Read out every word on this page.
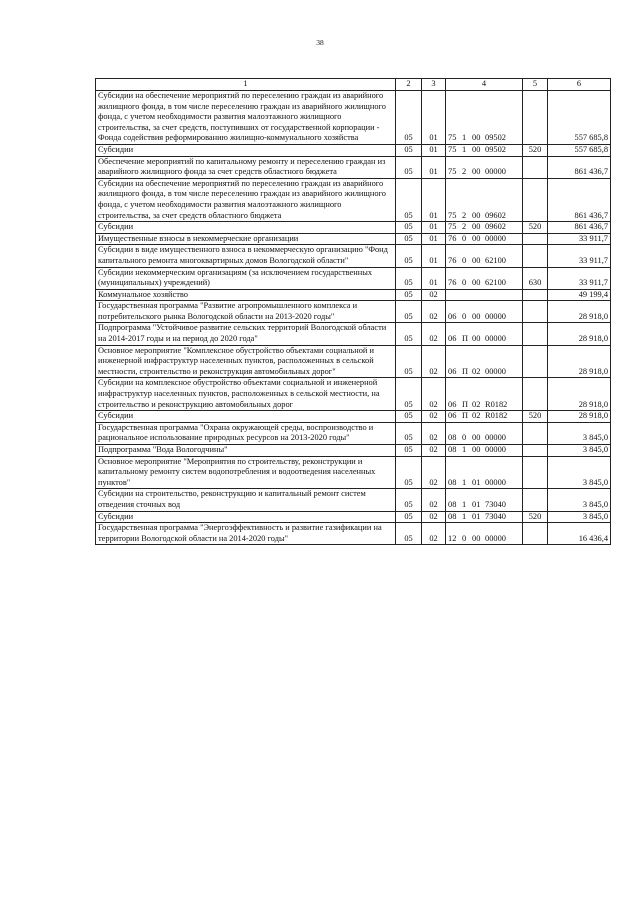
38
1	2	3	4	5	6
Субсидии на обеспечение мероприятий по переселению граждан из аварийного жилищного фонда, в том числе переселению граждан из аварийного жилищного фонда, с учетом необходимости развития малоэтажного жилищного строительства, за счет средств, поступивших от государственной корпорации - Фонда содействия реформированию жилищно-коммунального хозяйства	05	01	75 1 00 09502		557 685,8
Субсидии	05	01	75 1 00 09502	520	557 685,8
Обеспечение мероприятий по капитальному ремонту и переселению граждан из аварийного жилищного фонда за счет средств областного бюджета	05	01	75 2 00 00000		861 436,7
Субсидии на обеспечение мероприятий по переселению граждан из аварийного жилищного фонда, в том числе переселению граждан из аварийного жилищного фонда, с учетом необходимости развития малоэтажного жилищного строительства, за счет средств областного бюджета	05	01	75 2 00 09602		861 436,7
Субсидии	05	01	75 2 00 09602	520	861 436,7
Имущественные взносы в некоммерческие организации	05	01	76 0 00 00000		33 911,7
Субсидии в виде имущественного взноса в некоммерческую организацию "Фонд капитального ремонта многоквартирных домов Вологодской области"	05	01	76 0 00 62100		33 911,7
Субсидии некоммерческим организациям (за исключением государственных (муниципальных) учреждений)	05	01	76 0 00 62100	630	33 911,7
Коммунальное хозяйство	05	02			49 199,4
Государственная программа "Развитие агропромышленного комплекса и потребительского рынка Вологодской области на 2013-2020 годы"	05	02	06 0 00 00000		28 918,0
Подпрограмма "Устойчивое развитие сельских территорий Вологодской области на 2014-2017 годы и на период до 2020 года"	05	02	06 П 00 00000		28 918,0
Основное мероприятие "Комплексное обустройство объектами социальной и инженерной инфраструктур населенных пунктов, расположенных в сельской местности, строительство и реконструкция автомобильных дорог"	05	02	06 П 02 00000		28 918,0
Субсидии на комплексное обустройство объектами социальной и инженерной инфраструктур населенных пунктов, расположенных в сельской местности, на строительство и реконструкцию автомобильных дорог	05	02	06 П 02 R0182		28 918,0
Субсидии	05	02	06 П 02 R0182	520	28 918,0
Государственная программа "Охрана окружающей среды, воспроизводство и рациональное использование природных ресурсов на 2013-2020 годы"	05	02	08 0 00 00000		3 845,0
Подпрограмма "Вода Вологодчины"	05	02	08 1 00 00000		3 845,0
Основное мероприятие "Мероприятия по строительству, реконструкции и капитальному ремонту систем водопотребления и водоотведения населенных пунктов"	05	02	08 1 01 00000		3 845,0
Субсидии на строительство, реконструкцию и капитальный ремонт систем отведения сточных вод	05	02	08 1 01 73040		3 845,0
Субсидии	05	02	08 1 01 73040	520	3 845,0
Государственная программа "Энергоэффективность и развитие газификации на территории Вологодской области на 2014-2020 годы"	05	02	12 0 00 00000		16 436,4
